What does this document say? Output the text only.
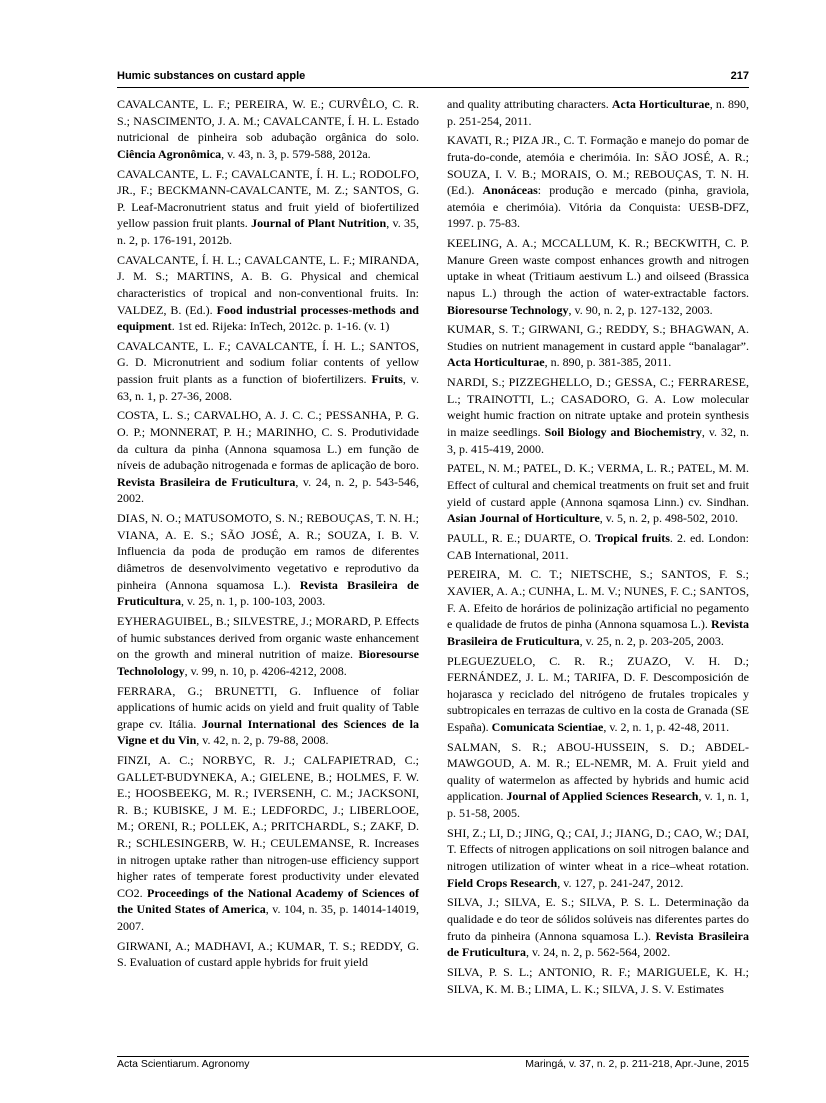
Humic substances on custard apple	217

CAVALCANTE, L. F.; PEREIRA, W. E.; CURVÊLO, C. R. S.; NASCIMENTO, J. A. M.; CAVALCANTE, Í. H. L. Estado nutricional de pinheira sob adubação orgânica do solo. Ciência Agronômica, v. 43, n. 3, p. 579-588, 2012a.

CAVALCANTE, L. F.; CAVALCANTE, Í. H. L.; RODOLFO, JR., F.; BECKMANN-CAVALCANTE, M. Z.; SANTOS, G. P. Leaf-Macronutrient status and fruit yield of biofertilized yellow passion fruit plants. Journal of Plant Nutrition, v. 35, n. 2, p. 176-191, 2012b.

CAVALCANTE, Í. H. L.; CAVALCANTE, L. F.; MIRANDA, J. M. S.; MARTINS, A. B. G. Physical and chemical characteristics of tropical and non-conventional fruits. In: VALDEZ, B. (Ed.). Food industrial processes-methods and equipment. 1st ed. Rijeka: InTech, 2012c. p. 1-16. (v. 1)

CAVALCANTE, L. F.; CAVALCANTE, Í. H. L.; SANTOS, G. D. Micronutrient and sodium foliar contents of yellow passion fruit plants as a function of biofertilizers. Fruits, v. 63, n. 1, p. 27-36, 2008.

COSTA, L. S.; CARVALHO, A. J. C. C.; PESSANHA, P. G. O. P.; MONNERAT, P. H.; MARINHO, C. S. Produtividade da cultura da pinha (Annona squamosa L.) em função de níveis de adubação nitrogenada e formas de aplicação de boro. Revista Brasileira de Fruticultura, v. 24, n. 2, p. 543-546, 2002.

DIAS, N. O.; MATUSOMOTO, S. N.; REBOUÇAS, T. N. H.; VIANA, A. E. S.; SÃO JOSÉ, A. R.; SOUZA, I. B. V. Influencia da poda de produção em ramos de diferentes diâmetros de desenvolvimento vegetativo e reprodutivo da pinheira (Annona squamosa L.). Revista Brasileira de Fruticultura, v. 25, n. 1, p. 100-103, 2003.

EYHERAGUIBEL, B.; SILVESTRE, J.; MORARD, P. Effects of humic substances derived from organic waste enhancement on the growth and mineral nutrition of maize. Bioresourse Technolology, v. 99, n. 10, p. 4206-4212, 2008.

FERRARA, G.; BRUNETTI, G. Influence of foliar applications of humic acids on yield and fruit quality of Table grape cv. Itália. Journal International des Sciences de la Vigne et du Vin, v. 42, n. 2, p. 79-88, 2008.

FINZI, A. C.; NORBYC, R. J.; CALFAPIETRAD, C.; GALLET-BUDYNEKA, A.; GIELENE, B.; HOLMES, F. W. E.; HOOSBEEKG, M. R.; IVERSENH, C. M.; JACKSONI, R. B.; KUBISKE, J M. E.; LEDFORDC, J.; LIBERLOOE, M.; ORENI, R.; POLLEK, A.; PRITCHARDL, S.; ZAKF, D. R.; SCHLESINGERB, W. H.; CEULEMANSE, R. Increases in nitrogen uptake rather than nitrogen-use efficiency support higher rates of temperate forest productivity under elevated CO2. Proceedings of the National Academy of Sciences of the United States of America, v. 104, n. 35, p. 14014-14019, 2007.

GIRWANI, A.; MADHAVI, A.; KUMAR, T. S.; REDDY, G. S. Evaluation of custard apple hybrids for fruit yield

and quality attributing characters. Acta Horticulturae, n. 890, p. 251-254, 2011.

KAVATI, R.; PIZA JR., C. T. Formação e manejo do pomar de fruta-do-conde, atemóia e cherimóia. In: SÃO JOSÉ, A. R.; SOUZA, I. V. B.; MORAIS, O. M.; REBOUÇAS, T. N. H. (Ed.). Anonáceas: produção e mercado (pinha, graviola, atemóia e cherimóia). Vitória da Conquista: UESB-DFZ, 1997. p. 75-83.

KEELING, A. A.; MCCALLUM, K. R.; BECKWITH, C. P. Manure Green waste compost enhances growth and nitrogen uptake in wheat (Tritiaum aestivum L.) and oilseed (Brassica napus L.) through the action of water-extractable factors. Bioresourse Technology, v. 90, n. 2, p. 127-132, 2003.

KUMAR, S. T.; GIRWANI, G.; REDDY, S.; BHAGWAN, A. Studies on nutrient management in custard apple “banalagar”. Acta Horticulturae, n. 890, p. 381-385, 2011.

NARDI, S.; PIZZEGHELLO, D.; GESSA, C.; FERRARESE, L.; TRAINOTTI, L.; CASADORO, G. A. Low molecular weight humic fraction on nitrate uptake and protein synthesis in maize seedlings. Soil Biology and Biochemistry, v. 32, n. 3, p. 415-419, 2000.

PATEL, N. M.; PATEL, D. K.; VERMA, L. R.; PATEL, M. M. Effect of cultural and chemical treatments on fruit set and fruit yield of custard apple (Annona sqamosa Linn.) cv. Sindhan. Asian Journal of Horticulture, v. 5, n. 2, p. 498-502, 2010.

PAULL, R. E.; DUARTE, O. Tropical fruits. 2. ed. London: CAB International, 2011.

PEREIRA, M. C. T.; NIETSCHE, S.; SANTOS, F. S.; XAVIER, A. A.; CUNHA, L. M. V.; NUNES, F. C.; SANTOS, F. A. Efeito de horários de polinização artificial no pegamento e qualidade de frutos de pinha (Annona squamosa L.). Revista Brasileira de Fruticultura, v. 25, n. 2, p. 203-205, 2003.

PLEGUEZUELO, C. R. R.; ZUAZO, V. H. D.; FERNÁNDEZ, J. L. M.; TARIFA, D. F. Descomposición de hojarasca y reciclado del nitrógeno de frutales tropicales y subtropicales en terrazas de cultivo en la costa de Granada (SE España). Comunicata Scientiae, v. 2, n. 1, p. 42-48, 2011.

SALMAN, S. R.; ABOU-HUSSEIN, S. D.; ABDEL-MAWGOUD, A. M. R.; EL-NEMR, M. A. Fruit yield and quality of watermelon as affected by hybrids and humic acid application. Journal of Applied Sciences Research, v. 1, n. 1, p. 51-58, 2005.

SHI, Z.; LI, D.; JING, Q.; CAI, J.; JIANG, D.; CAO, W.; DAI, T. Effects of nitrogen applications on soil nitrogen balance and nitrogen utilization of winter wheat in a rice–wheat rotation. Field Crops Research, v. 127, p. 241-247, 2012.

SILVA, J.; SILVA, E. S.; SILVA, P. S. L. Determinação da qualidade e do teor de sólidos solúveis nas diferentes partes do fruto da pinheira (Annona squamosa L.). Revista Brasileira de Fruticultura, v. 24, n. 2, p. 562-564, 2002.

SILVA, P. S. L.; ANTONIO, R. F.; MARIGUELE, K. H.; SILVA, K. M. B.; LIMA, L. K.; SILVA, J. S. V. Estimates

Acta Scientiarum. Agronomy	Maringá, v. 37, n. 2, p. 211-218, Apr.-June, 2015
